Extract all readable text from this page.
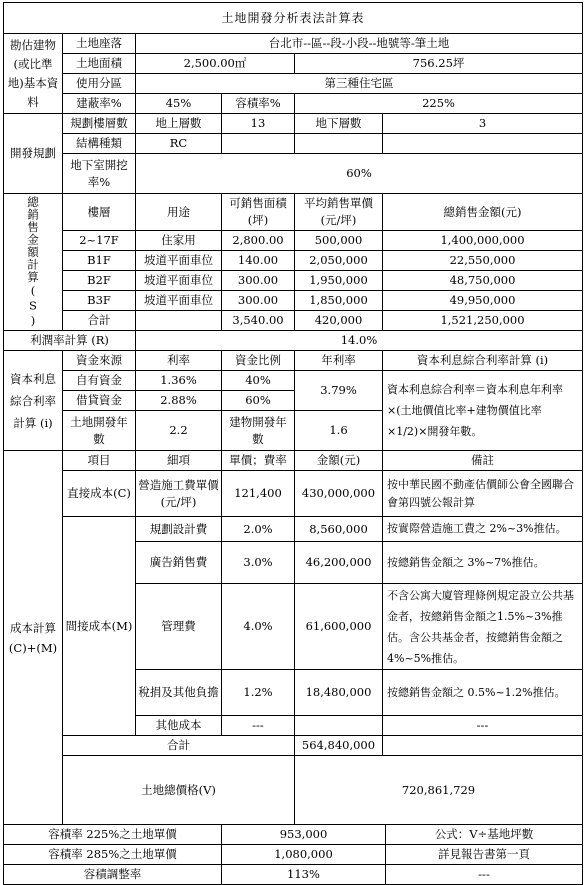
土地開發分析表法計算表							
勘估建物(或比準地)基本資料	土地座落	台北市--區--段-小段--地號等-筆土地					
	土地面積	2,500.00㎡		756.25坪			
	使用分區	第三種住宅區					
	建蔽率%	45%	容積率%	225%			
開發規劃	規劃樓層數	地上層數	13	地下層數	3		
	結構種類	RC					
	地下室開挖率%	60%					

總銷售金額計算(S)	樓層	用途	可銷售面積(坪)	平均銷售單價(元/坪)	總銷售金額(元)		
	2~17F	住家用	2,800.00	500,000	1,400,000,000		
	B1F	坡道平面車位	140.00	2,050,000	22,550,000		
	B2F	坡道平面車位	300.00	1,950,000	48,750,000		
	B3F	坡道平面車位	300.00	1,850,000	49,950,000		
	合計		3,540.00	420,000	1,521,250,000		
利潤率計算 (R)		14.0%					
資本利息綜合利率計算 (i)	資金來源	利率	資金比例	年利率	資本利息綜合利率計算 (i)		
	自有資金	1.36%	40%	3.79%	資本利息綜合利率＝資本利息年利率×(土地價值比率+建物價值比率×1/2)×開發年數。		
	借貸資金	2.88%	60%				
	土地開發年數	2.2	建物開發年數	1.6			
成本計算(C)+(M)	項目	細項	單價；費率	金額(元)	備註		
	直接成本(C)	營造施工費單價(元/坪)	121,400	430,000,000	按中華民國不動產估價師公會全國聯合會第四號公報計算		
	間接成本(M)	規劃設計費	2.0%	8,560,000	按實際營造施工費之 2%~3%推估。		
		廣告銷售費	3.0%	46,200,000	按總銷售金額之 3%~7%推估。		
		管理費	4.0%	61,600,000	不含公寓大廈管理條例規定設立公共基金者，按總銷售金額之1.5%~3%推估。含公共基金者，按總銷售金額之 4%~5%推估。		
		稅捐及其他負擔	1.2%	18,480,000	按總銷售金額之 0.5%~1.2%推估。		
		其他成本	---		---		
	合計			564,840,000			
	土地總價格(V)			720,861,729	
容積率 225%之土地單價			953,000			公式：V÷基地坪數	
容積率 285%之土地單價			1,080,000			詳見報告書第一頁	
容積調整率			113%			---	
